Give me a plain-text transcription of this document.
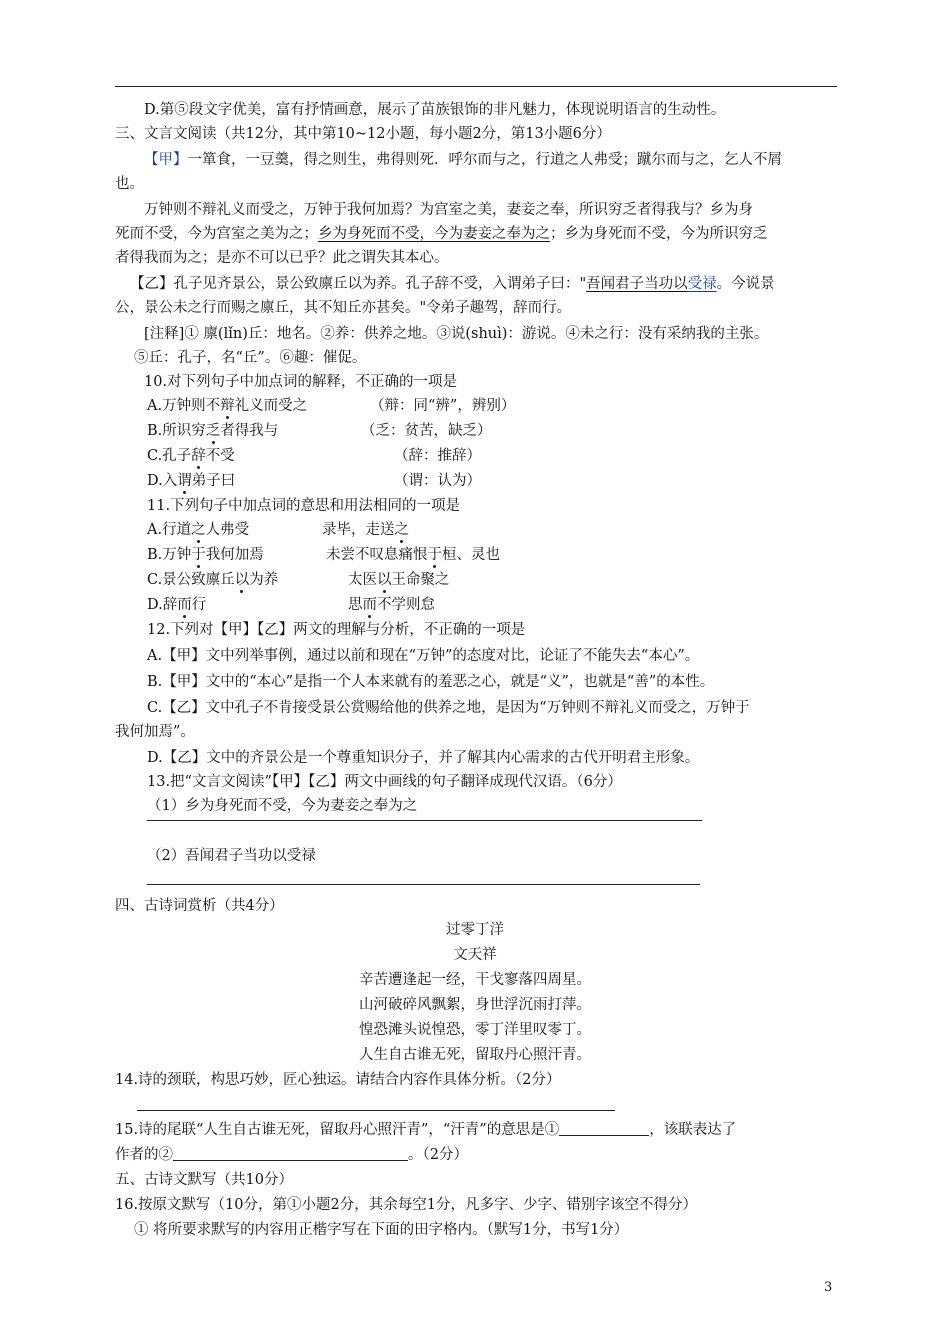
D.第⑤段文字优美，富有抒情画意，展示了苗族银饰的非凡魅力，体现说明语言的生动性。
三、文言文阅读（共12分，其中第10~12小题，每小题2分，第13小题6分）
【甲】一箪食，一豆羹，得之则生，弗得则死．呼尔而与之，行道之人弗受；蹴尔而与之，乞人不屑
也。
万钟则不辩礼义而受之，万钟于我何加焉？为宫室之美，妻妾之奉，所识穷乏者得我与？乡为身
死而不受，今为宫室之美为之；乡为身死而不受，今为妻妾之奉为之；乡为身死而不受，今为所识穷乏
者得我而为之；是亦不可以已乎？此之谓失其本心。
【乙】孔子见齐景公，景公致廪丘以为养。孔子辞不受，入谓弟子曰："吾闻君子当功以受禄。今说景
公，景公未之行而赐之廪丘，其不知丘亦甚矣。"令弟子趣驾，辞而行。
[注释]① 廪(lǐn)丘：地名。②养：供养之地。③说(shuì)：游说。④未之行：没有采纳我的主张。
⑤丘：孔子，名“丘”。⑥趣：催促。
10.对下列句子中加点词的解释，不正确的一项是
A.万钟则不辩礼义而受之	（辩：同“辨”，辨别）
B.所识穷乏者得我与	（乏：贫苦，缺乏）
C.孔子辞不受	（辞：推辞）
D.入谓弟子曰	（谓：认为）
11.下列句子中加点词的意思和用法相同的一项是
A.行道之人弗受	录毕，走送之
B.万钟于我何加焉	未尝不叹息痛恨于桓、灵也
C.景公致廪丘以为养	太医以王命聚之
D.辞而行	思而不学则怠
12.下列对【甲】【乙】两文的理解与分析，不正确的一项是
A.【甲】文中列举事例，通过以前和现在“万钟”的态度对比，论证了不能失去“本心”。
B.【甲】文中的“本心”是指一个人本来就有的羞恶之心，就是“义”，也就是“善”的本性。
C.【乙】文中孔子不肯接受景公赏赐给他的供养之地，是因为“万钟则不辩礼义而受之，万钟于
我何加焉”。
D.【乙】文中的齐景公是一个尊重知识分子，并了解其内心需求的古代开明君主形象。
13.把“文言文阅读”【甲】【乙】两文中画线的句子翻译成现代汉语。（6分）
（1）乡为身死而不受，今为妻妾之奉为之
（2）吾闻君子当功以受禄
四、古诗词赏析（共4分）
过零丁洋
文天祥
辛苦遭逢起一经，干戈寥落四周星。
山河破碎风飘絮，身世浮沉雨打萍。
惶恐滩头说惶恐，零丁洋里叹零丁。
人生自古谁无死，留取丹心照汗青。
14.诗的颈联，构思巧妙，匠心独运。请结合内容作具体分析。（2分）
15.诗的尾联“人生自古谁无死，留取丹心照汗青”，“汗青”的意思是①	，该联表达了
作者的②	。（2分）
五、古诗文默写（共10分）
16.按原文默写（10分，第①小题2分，其余每空1分，凡多字、少字、错别字该空不得分）
① 将所要求默写的内容用正楷字写在下面的田字格内。（默写1分，书写1分）
3
